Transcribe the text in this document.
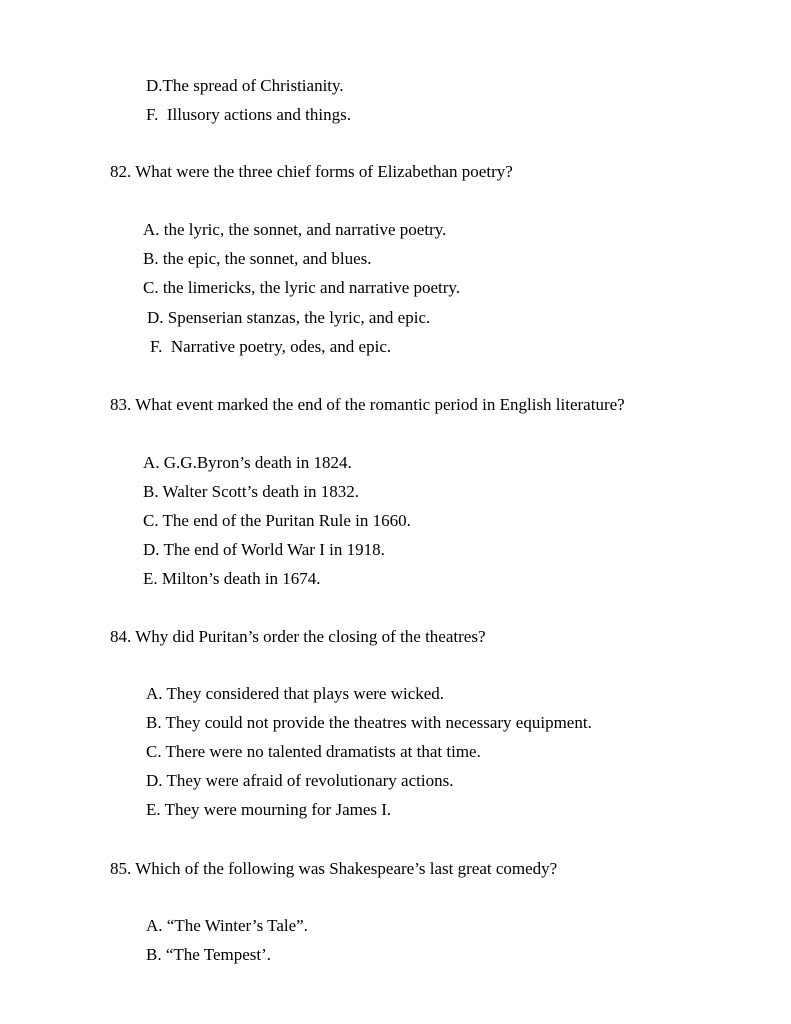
D.The spread of Christianity.
F.  Illusory actions and things.
82. What were the three chief forms of Elizabethan poetry?
A. the lyric, the sonnet, and narrative poetry.
B. the epic, the sonnet, and blues.
C. the limericks, the lyric and narrative poetry.
D. Spenserian stanzas, the lyric, and epic.
F.  Narrative poetry, odes, and epic.
83. What event marked the end of the romantic period in English literature?
A. G.G.Byron’s death in 1824.
B. Walter Scott’s death in 1832.
C. The end of the Puritan Rule in 1660.
D. The end of World War I in 1918.
E. Milton’s death in 1674.
84. Why did Puritan’s order the closing of the theatres?
A. They considered that plays were wicked.
B. They could not provide the theatres with necessary equipment.
C. There were no talented dramatists at that time.
D. They were afraid of revolutionary actions.
E. They were mourning for James I.
85. Which of the following was Shakespeare’s last great comedy?
A. “The Winter’s Tale”.
B. “The Tempest’.
